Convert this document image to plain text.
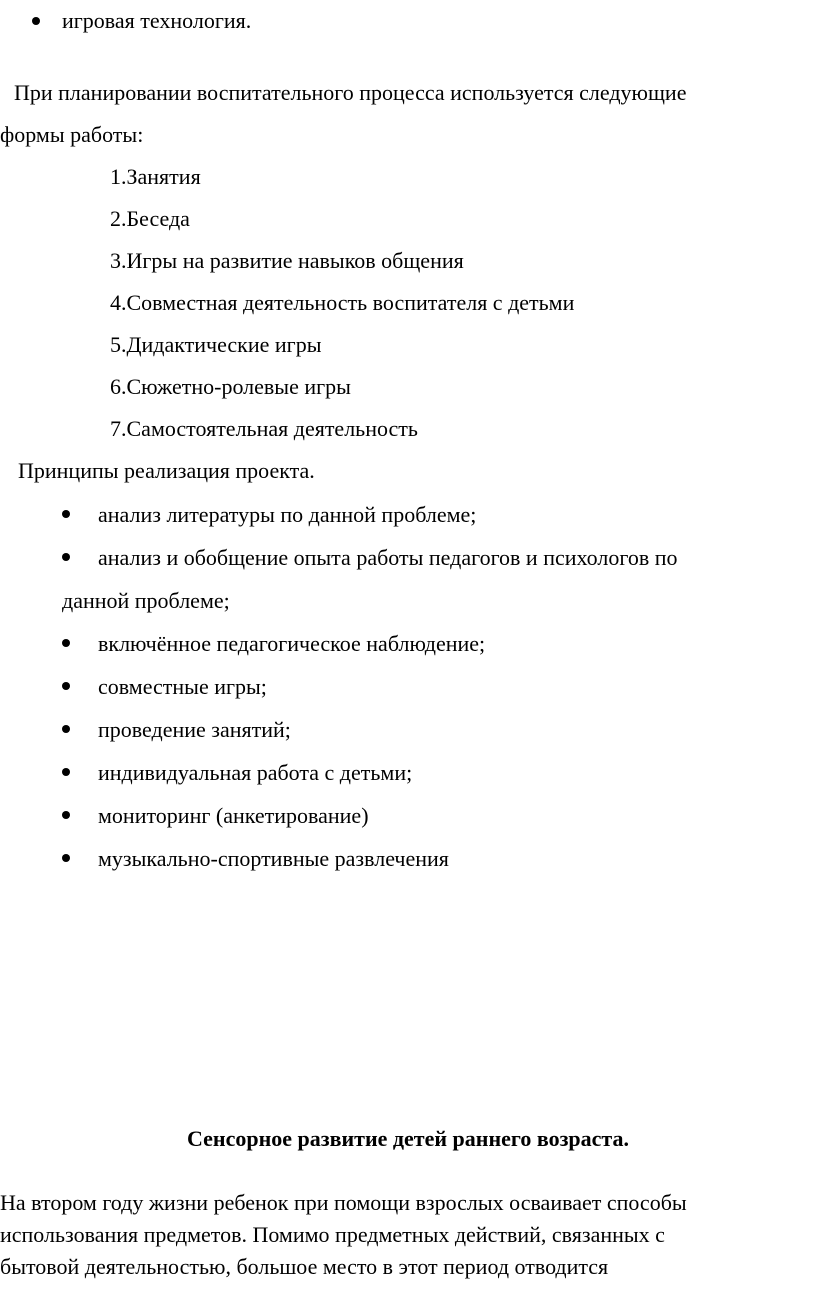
игровая технология.
При планировании воспитательного процесса используется следующие
формы работы:
1.Занятия
2.Беседа
3.Игры на развитие навыков общения
4.Совместная деятельность воспитателя с детьми
5.Дидактические игры
6.Сюжетно-ролевые игры
7.Самостоятельная деятельность
Принципы реализация проекта.
анализ литературы по данной проблеме;
анализ и обобщение опыта работы педагогов и психологов по
данной проблеме;
включённое педагогическое наблюдение;
совместные игры;
проведение занятий;
индивидуальная работа с детьми;
мониторинг (анкетирование)
музыкально-спортивные развлечения
Сенсорное развитие детей раннего возраста.
На втором году жизни ребенок при помощи взрослых осваивает способы
использования предметов. Помимо предметных действий, связанных с
бытовой деятельностью, большое место в этот период отводится
